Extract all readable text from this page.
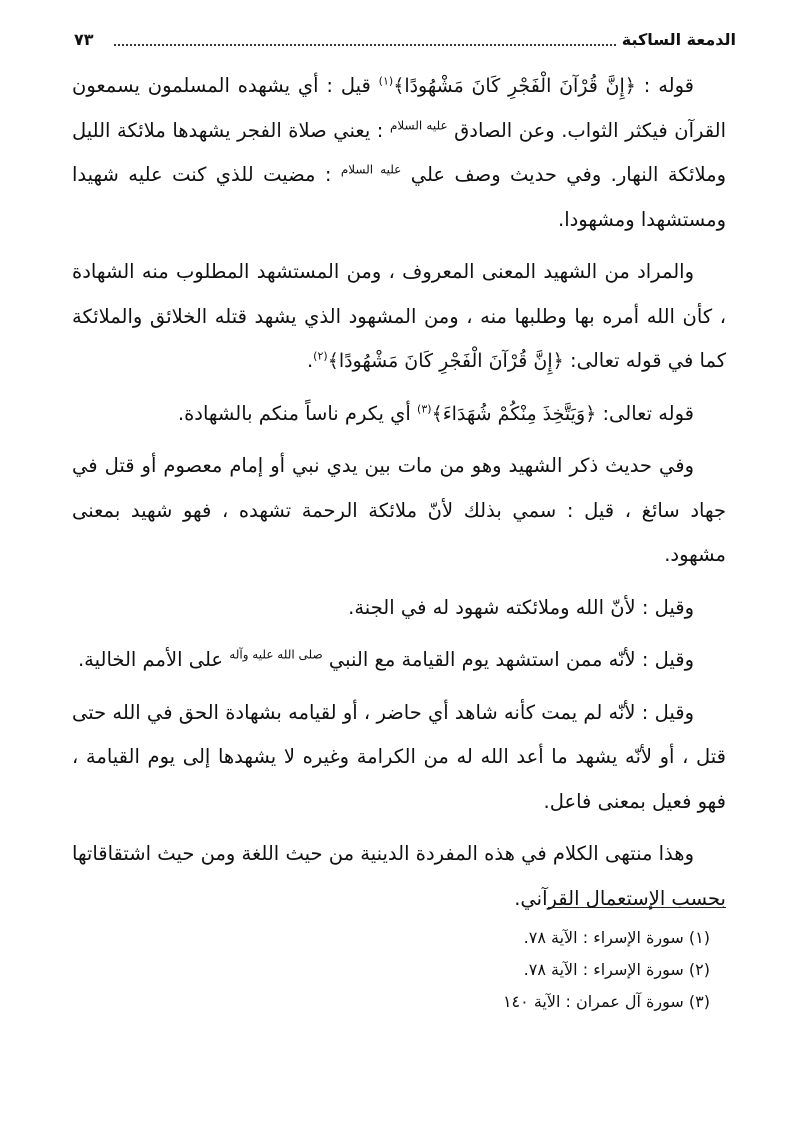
الدمعة الساكبة
٧٣

قوله : ﴿إِنَّ قُرْآنَ الْفَجْرِ كَانَ مَشْهُودًا﴾$^{(١)}$ قيل : أي يشهده المسلمون يسمعون القرآن فيكثر الثواب. وعن الصادق $^{عليه السلام}$ : يعني صلاة الفجر يشهدها ملائكة الليل وملائكة النهار. وفي حديث وصف علي $^{عليه السلام}$ : مضيت للذي كنت عليه شهيدا ومستشهدا ومشهودا.

والمراد من الشهيد المعنى المعروف ، ومن المستشهد المطلوب منه الشهادة ، كأن الله أمره بها وطلبها منه ، ومن المشهود الذي يشهد قتله الخلائق والملائكة كما في قوله تعالى: ﴿إِنَّ قُرْآنَ الْفَجْرِ كَانَ مَشْهُودًا﴾$^{(٢)}$.

قوله تعالى: ﴿وَيَتَّخِذَ مِنْكُمْ شُهَدَاءَ﴾$^{(٣)}$ أي يكرم ناساً منكم بالشهادة.

وفي حديث ذكر الشهيد وهو من مات بين يدي نبي أو إمام معصوم أو قتل في جهاد سائغ ، قيل : سمي بذلك لأنّ ملائكة الرحمة تشهده ، فهو شهيد بمعنى مشهود.

وقيل : لأنّ الله وملائكته شهود له في الجنة.

وقيل : لأنّه ممن استشهد يوم القيامة مع النبي $^{صلى الله عليه وآله}$ على الأمم الخالية.

وقيل : لأنّه لم يمت كأنه شاهد أي حاضر ، أو لقيامه بشهادة الحق في الله حتى قتل ، أو لأنّه يشهد ما أعد الله له من الكرامة وغيره لا يشهدها إلى يوم القيامة ، فهو فعيل بمعنى فاعل.

وهذا منتهى الكلام في هذه المفردة الدينية من حيث اللغة ومن حيث اشتقاقاتها بحسب الإستعمال القرآني.

(١) سورة الإسراء : الآية ٧٨.
(٢) سورة الإسراء : الآية ٧٨.
(٣) سورة آل عمران : الآية ١٤٠
